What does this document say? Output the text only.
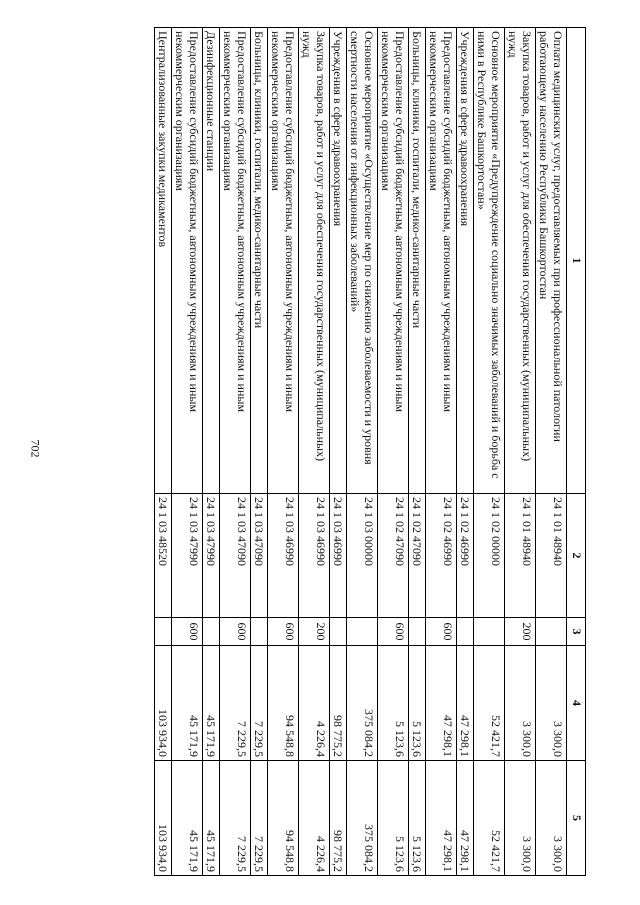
702
1	2	3	4	5
Оплата медицинских услуг, предоставляемых при профессиональной патологии работающему населению Республики Башкортостан	24 1 01 48940		3 300,0	3 300,0
Закупка товаров, работ и услуг для обеспечения государственных (муниципальных) нужд	24 1 01 48940	200	3 300,0	3 300,0
Основное мероприятие «Предупреждение социально значимых заболеваний и борьба с ними в Республике Башкортостан»	24 1 02 00000		52 421,7	52 421,7
Учреждения в сфере здравоохранения	24 1 02 46990		47 298,1	47 298,1
Предоставление субсидий бюджетным, автономным учреждениям и иным некоммерческим организациям	24 1 02 46990	600	47 298,1	47 298,1
Больницы, клиники, госпитали, медико-санитарные части	24 1 02 47090		5 123,6	5 123,6
Предоставление субсидий бюджетным, автономным учреждениям и иным некоммерческим организациям	24 1 02 47090	600	5 123,6	5 123,6
Основное мероприятие «Осуществление мер по снижению заболеваемости и уровня смертности населения от инфекционных заболеваний»	24 1 03 00000		375 084,2	375 084,2
Учреждения в сфере здравоохранения	24 1 03 46990		98 775,2	98 775,2
Закупка товаров, работ и услуг для обеспечения государственных (муниципальных) нужд	24 1 03 46990	200	4 226,4	4 226,4
Предоставление субсидий бюджетным, автономным учреждениям и иным некоммерческим организациям	24 1 03 46990	600	94 548,8	94 548,8
Больницы, клиники, госпитали, медико-санитарные части	24 1 03 47090		7 229,5	7 229,5
Предоставление субсидий бюджетным, автономным учреждениям и иным некоммерческим организациям	24 1 03 47090	600	7 229,5	7 229,5
Дезинфекционные станции	24 1 03 47990		45 171,9	45 171,9
Предоставление субсидий бюджетным, автономным учреждениям и иным некоммерческим организациям	24 1 03 47990	600	45 171,9	45 171,9
Централизованные закупки медикаментов	24 1 03 48520		103 934,0	103 934,0
